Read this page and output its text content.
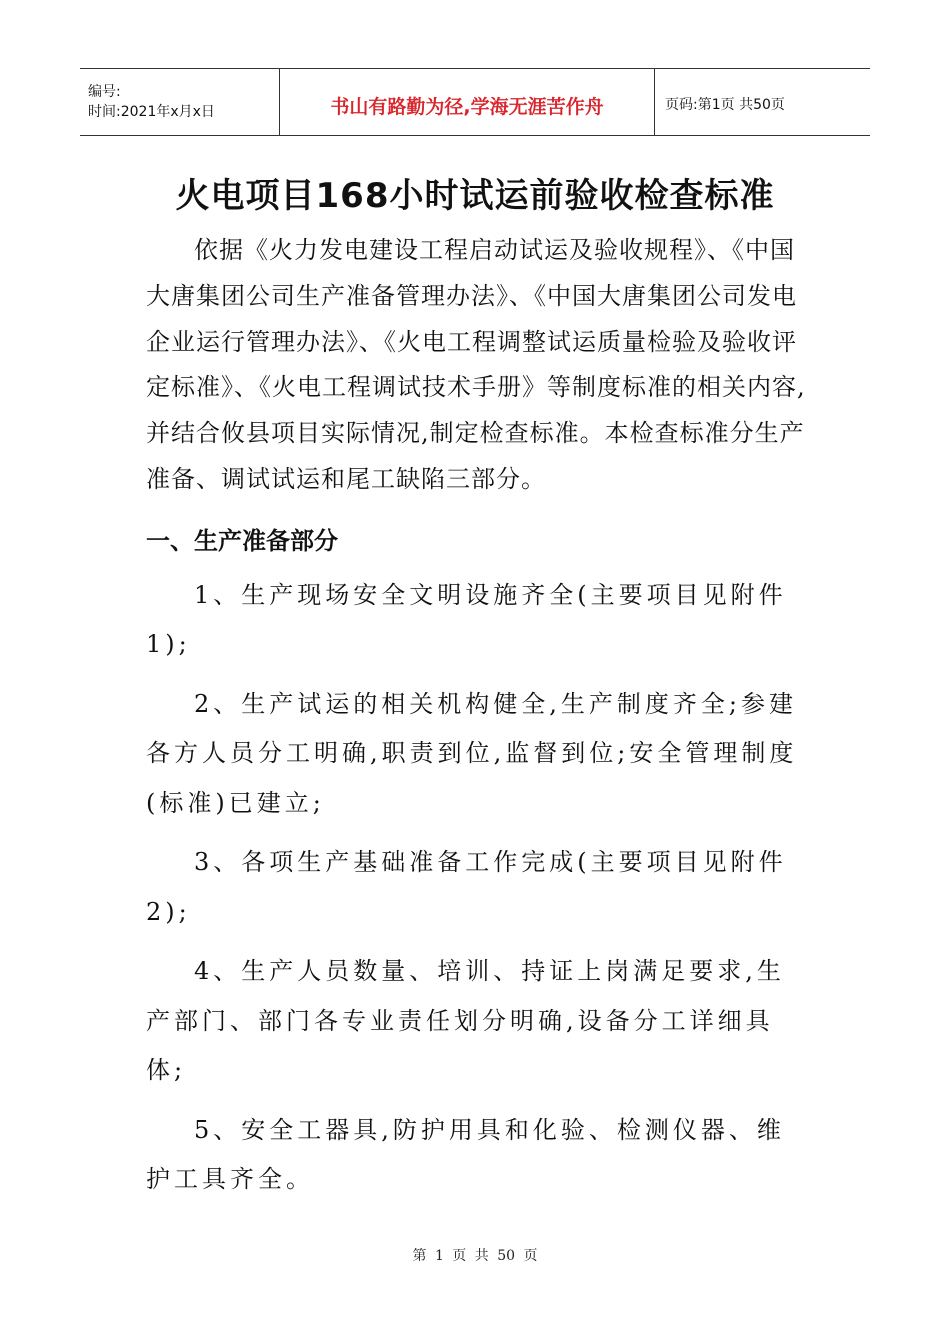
编号:
时间:2021年x月x日	书山有路勤为径,学海无涯苦作舟	页码:第1页 共50页
火电项目168小时试运前验收检查标准

依据《火力发电建设工程启动试运及验收规程》、《中国大唐集团公司生产准备管理办法》、《中国大唐集团公司发电企业运行管理办法》、《火电工程调整试运质量检验及验收评定标准》、《火电工程调试技术手册》等制度标准的相关内容,并结合攸县项目实际情况,制定检查标准。本检查标准分生产准备、调试试运和尾工缺陷三部分。

一、生产准备部分

1、生产现场安全文明设施齐全(主要项目见附件1);

2、生产试运的相关机构健全,生产制度齐全;参建各方人员分工明确,职责到位,监督到位;安全管理制度(标准)已建立;

3、各项生产基础准备工作完成(主要项目见附件2);

4、生产人员数量、培训、持证上岗满足要求,生产部门、部门各专业责任划分明确,设备分工详细具体;

5、安全工器具,防护用具和化验、检测仪器、维护工具齐全。

第 1 页 共 50 页
